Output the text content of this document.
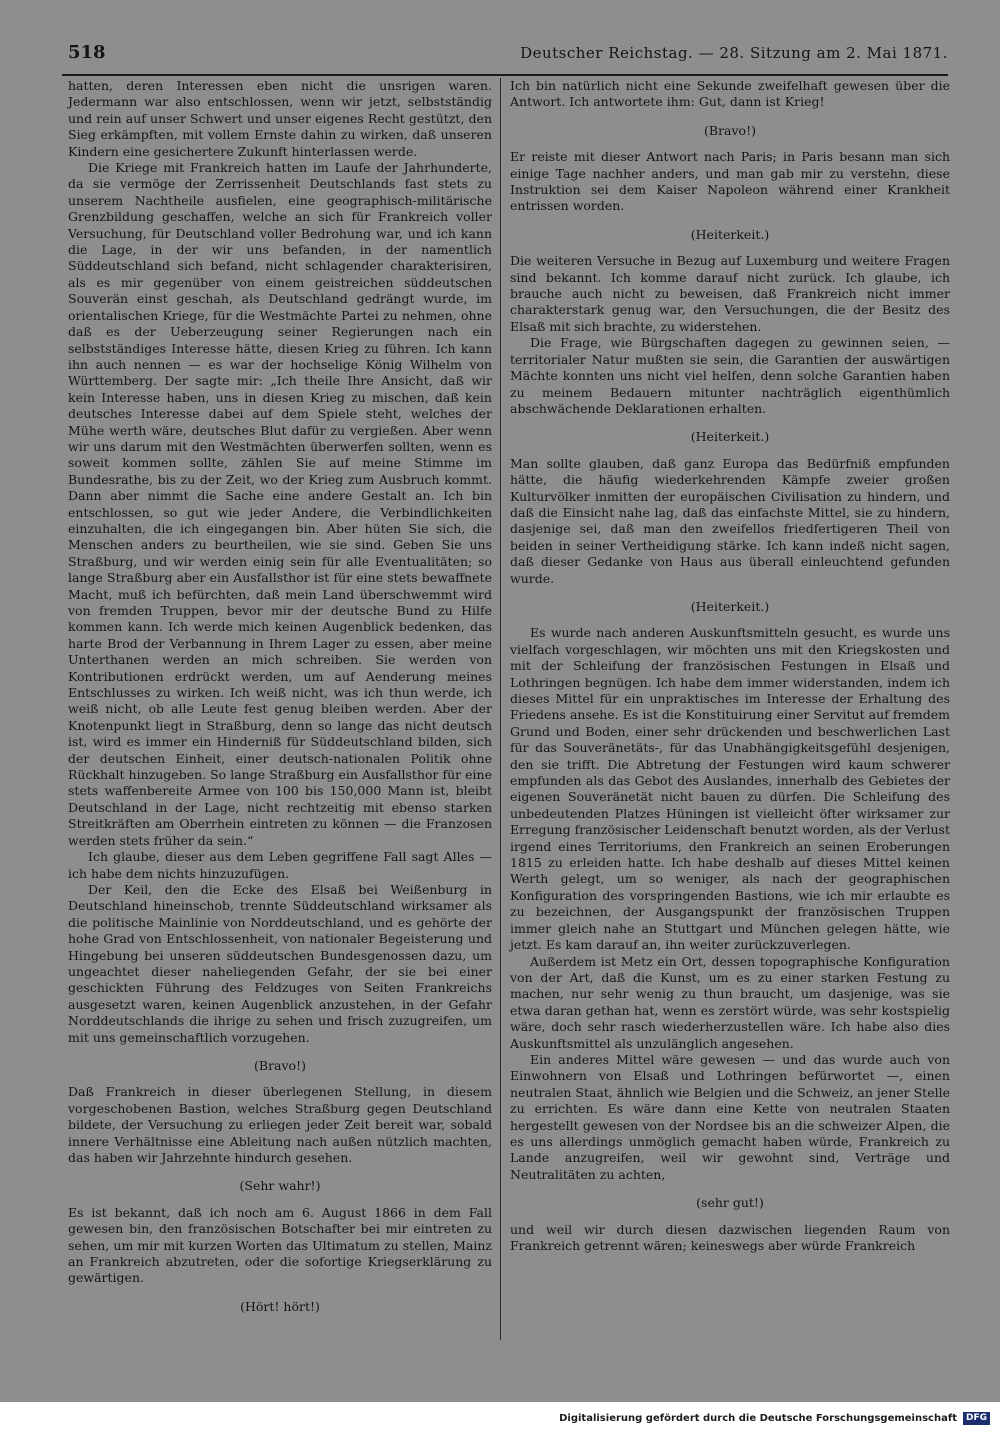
518	Deutscher Reichstag. — 28. Sitzung am 2. Mai 1871.

hatten, deren Interessen eben nicht die unsrigen waren. Jedermann war also entschlossen, wenn wir jetzt, selbstständig und rein auf unser Schwert und unser eigenes Recht gestützt, den Sieg erkämpften, mit vollem Ernste dahin zu wirken, daß unseren Kindern eine gesichertere Zukunft hinterlassen werde.

Die Kriege mit Frankreich hatten im Laufe der Jahrhunderte, da sie vermöge der Zerrissenheit Deutschlands fast stets zu unserem Nachtheile ausfielen, eine geographisch-militärische Grenzbildung geschaffen, welche an sich für Frankreich voller Versuchung, für Deutschland voller Bedrohung war, und ich kann die Lage, in der wir uns befanden, in der namentlich Süddeutschland sich befand, nicht schlagender charakterisiren, als es mir gegenüber von einem geistreichen süddeutschen Souverän einst geschah, als Deutschland gedrängt wurde, im orientalischen Kriege, für die Westmächte Partei zu nehmen, ohne daß es der Ueberzeugung seiner Regierungen nach ein selbstständiges Interesse hätte, diesen Krieg zu führen. Ich kann ihn auch nennen — es war der hochselige König Wilhelm von Württemberg. Der sagte mir: „Ich theile Ihre Ansicht, daß wir kein Interesse haben, uns in diesen Krieg zu mischen, daß kein deutsches Interesse dabei auf dem Spiele steht, welches der Mühe werth wäre, deutsches Blut dafür zu vergießen. Aber wenn wir uns darum mit den Westmächten überwerfen sollten, wenn es soweit kommen sollte, zählen Sie auf meine Stimme im Bundesrathe, bis zu der Zeit, wo der Krieg zum Ausbruch kommt. Dann aber nimmt die Sache eine andere Gestalt an. Ich bin entschlossen, so gut wie jeder Andere, die Verbindlichkeiten einzuhalten, die ich eingegangen bin. Aber hüten Sie sich, die Menschen anders zu beurtheilen, wie sie sind. Geben Sie uns Straßburg, und wir werden einig sein für alle Eventualitäten; so lange Straßburg aber ein Ausfallsthor ist für eine stets bewaffnete Macht, muß ich befürchten, daß mein Land überschwemmt wird von fremden Truppen, bevor mir der deutsche Bund zu Hilfe kommen kann. Ich werde mich keinen Augenblick bedenken, das harte Brod der Verbannung in Ihrem Lager zu essen, aber meine Unterthanen werden an mich schreiben. Sie werden von Kontributionen erdrückt werden, um auf Aenderung meines Entschlusses zu wirken. Ich weiß nicht, was ich thun werde, ich weiß nicht, ob alle Leute fest genug bleiben werden. Aber der Knotenpunkt liegt in Straßburg, denn so lange das nicht deutsch ist, wird es immer ein Hinderniß für Süddeutschland bilden, sich der deutschen Einheit, einer deutsch-nationalen Politik ohne Rückhalt hinzugeben. So lange Straßburg ein Ausfallsthor für eine stets waffenbereite Armee von 100 bis 150,000 Mann ist, bleibt Deutschland in der Lage, nicht rechtzeitig mit ebenso starken Streitkräften am Oberrhein eintreten zu können — die Franzosen werden stets früher da sein.“

Ich glaube, dieser aus dem Leben gegriffene Fall sagt Alles — ich habe dem nichts hinzuzufügen.

Der Keil, den die Ecke des Elsaß bei Weißenburg in Deutschland hineinschob, trennte Süddeutschland wirksamer als die politische Mainlinie von Norddeutschland, und es gehörte der hohe Grad von Entschlossenheit, von nationaler Begeisterung und Hingebung bei unseren süddeutschen Bundesgenossen dazu, um ungeachtet dieser naheliegenden Gefahr, der sie bei einer geschickten Führung des Feldzuges von Seiten Frankreichs ausgesetzt waren, keinen Augenblick anzustehen, in der Gefahr Norddeutschlands die ihrige zu sehen und frisch zuzugreifen, um mit uns gemeinschaftlich vorzugehen.

(Bravo!)

Daß Frankreich in dieser überlegenen Stellung, in diesem vorgeschobenen Bastion, welches Straßburg gegen Deutschland bildete, der Versuchung zu erliegen jeder Zeit bereit war, sobald innere Verhältnisse eine Ableitung nach außen nützlich machten, das haben wir Jahrzehnte hindurch gesehen.

(Sehr wahr!)

Es ist bekannt, daß ich noch am 6. August 1866 in dem Fall gewesen bin, den französischen Botschafter bei mir eintreten zu sehen, um mir mit kurzen Worten das Ultimatum zu stellen, Mainz an Frankreich abzutreten, oder die sofortige Kriegserklärung zu gewärtigen.

(Hört! hört!)

Ich bin natürlich nicht eine Sekunde zweifelhaft gewesen über die Antwort. Ich antwortete ihm: Gut, dann ist Krieg!

(Bravo!)

Er reiste mit dieser Antwort nach Paris; in Paris besann man sich einige Tage nachher anders, und man gab mir zu verstehn, diese Instruktion sei dem Kaiser Napoleon während einer Krankheit entrissen worden.

(Heiterkeit.)

Die weiteren Versuche in Bezug auf Luxemburg und weitere Fragen sind bekannt. Ich komme darauf nicht zurück. Ich glaube, ich brauche auch nicht zu beweisen, daß Frankreich nicht immer charakterstark genug war, den Versuchungen, die der Besitz des Elsaß mit sich brachte, zu widerstehen.

Die Frage, wie Bürgschaften dagegen zu gewinnen seien, — territorialer Natur mußten sie sein, die Garantien der auswärtigen Mächte konnten uns nicht viel helfen, denn solche Garantien haben zu meinem Bedauern mitunter nachträglich eigenthümlich abschwächende Deklarationen erhalten.

(Heiterkeit.)

Man sollte glauben, daß ganz Europa das Bedürfniß empfunden hätte, die häufig wiederkehrenden Kämpfe zweier großen Kulturvölker inmitten der europäischen Civilisation zu hindern, und daß die Einsicht nahe lag, daß das einfachste Mittel, sie zu hindern, dasjenige sei, daß man den zweifellos friedfertigeren Theil von beiden in seiner Vertheidigung stärke. Ich kann indeß nicht sagen, daß dieser Gedanke von Haus aus überall einleuchtend gefunden wurde.

(Heiterkeit.)

Es wurde nach anderen Auskunftsmitteln gesucht, es wurde uns vielfach vorgeschlagen, wir möchten uns mit den Kriegskosten und mit der Schleifung der französischen Festungen in Elsaß und Lothringen begnügen. Ich habe dem immer widerstanden, indem ich dieses Mittel für ein unpraktisches im Interesse der Erhaltung des Friedens ansehe. Es ist die Konstituirung einer Servitut auf fremdem Grund und Boden, einer sehr drückenden und beschwerlichen Last für das Souveränetäts-, für das Unabhängigkeitsgefühl desjenigen, den sie trifft. Die Abtretung der Festungen wird kaum schwerer empfunden als das Gebot des Auslandes, innerhalb des Gebietes der eigenen Souveränetät nicht bauen zu dürfen. Die Schleifung des unbedeutenden Platzes Hüningen ist vielleicht öfter wirksamer zur Erregung französischer Leidenschaft benutzt worden, als der Verlust irgend eines Territoriums, den Frankreich an seinen Eroberungen 1815 zu erleiden hatte. Ich habe deshalb auf dieses Mittel keinen Werth gelegt, um so weniger, als nach der geographischen Konfiguration des vorspringenden Bastions, wie ich mir erlaubte es zu bezeichnen, der Ausgangspunkt der französischen Truppen immer gleich nahe an Stuttgart und München gelegen hätte, wie jetzt. Es kam darauf an, ihn weiter zurückzuverlegen.

Außerdem ist Metz ein Ort, dessen topographische Konfiguration von der Art, daß die Kunst, um es zu einer starken Festung zu machen, nur sehr wenig zu thun braucht, um dasjenige, was sie etwa daran gethan hat, wenn es zerstört würde, was sehr kostspielig wäre, doch sehr rasch wiederherzustellen wäre. Ich habe also dies Auskunftsmittel als unzulänglich angesehen.

Ein anderes Mittel wäre gewesen — und das wurde auch von Einwohnern von Elsaß und Lothringen befürwortet —, einen neutralen Staat, ähnlich wie Belgien und die Schweiz, an jener Stelle zu errichten. Es wäre dann eine Kette von neutralen Staaten hergestellt gewesen von der Nordsee bis an die schweizer Alpen, die es uns allerdings unmöglich gemacht haben würde, Frankreich zu Lande anzugreifen, weil wir gewohnt sind, Verträge und Neutralitäten zu achten,

(sehr gut!)

und weil wir durch diesen dazwischen liegenden Raum von Frankreich getrennt wären; keineswegs aber würde Frankreich

Digitalisierung gefördert durch die Deutsche Forschungsgemeinschaft	DFG
